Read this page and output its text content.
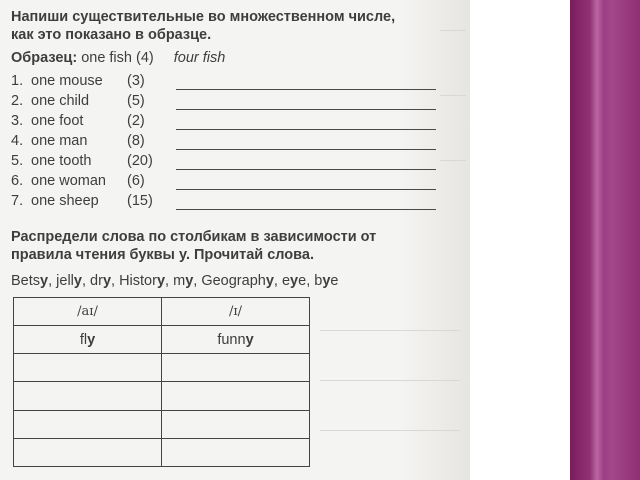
Напиши существительные во множественном числе,
как это показано в образце.
Образец: one fish (4) four fish
1. one mouse (3)
2. one child	(5)
3. one foot	(2)
4. one man	(8)
5. one tooth (20)
6. one woman (6)
7. one sheep (15)
Распредели слова по столбикам в зависимости от
правила чтения буквы y. Прочитай слова.
Betsy, jelly, dry, History, my, Geography, eye, bye
/aɪ/	/ɪ/
fly	funny
